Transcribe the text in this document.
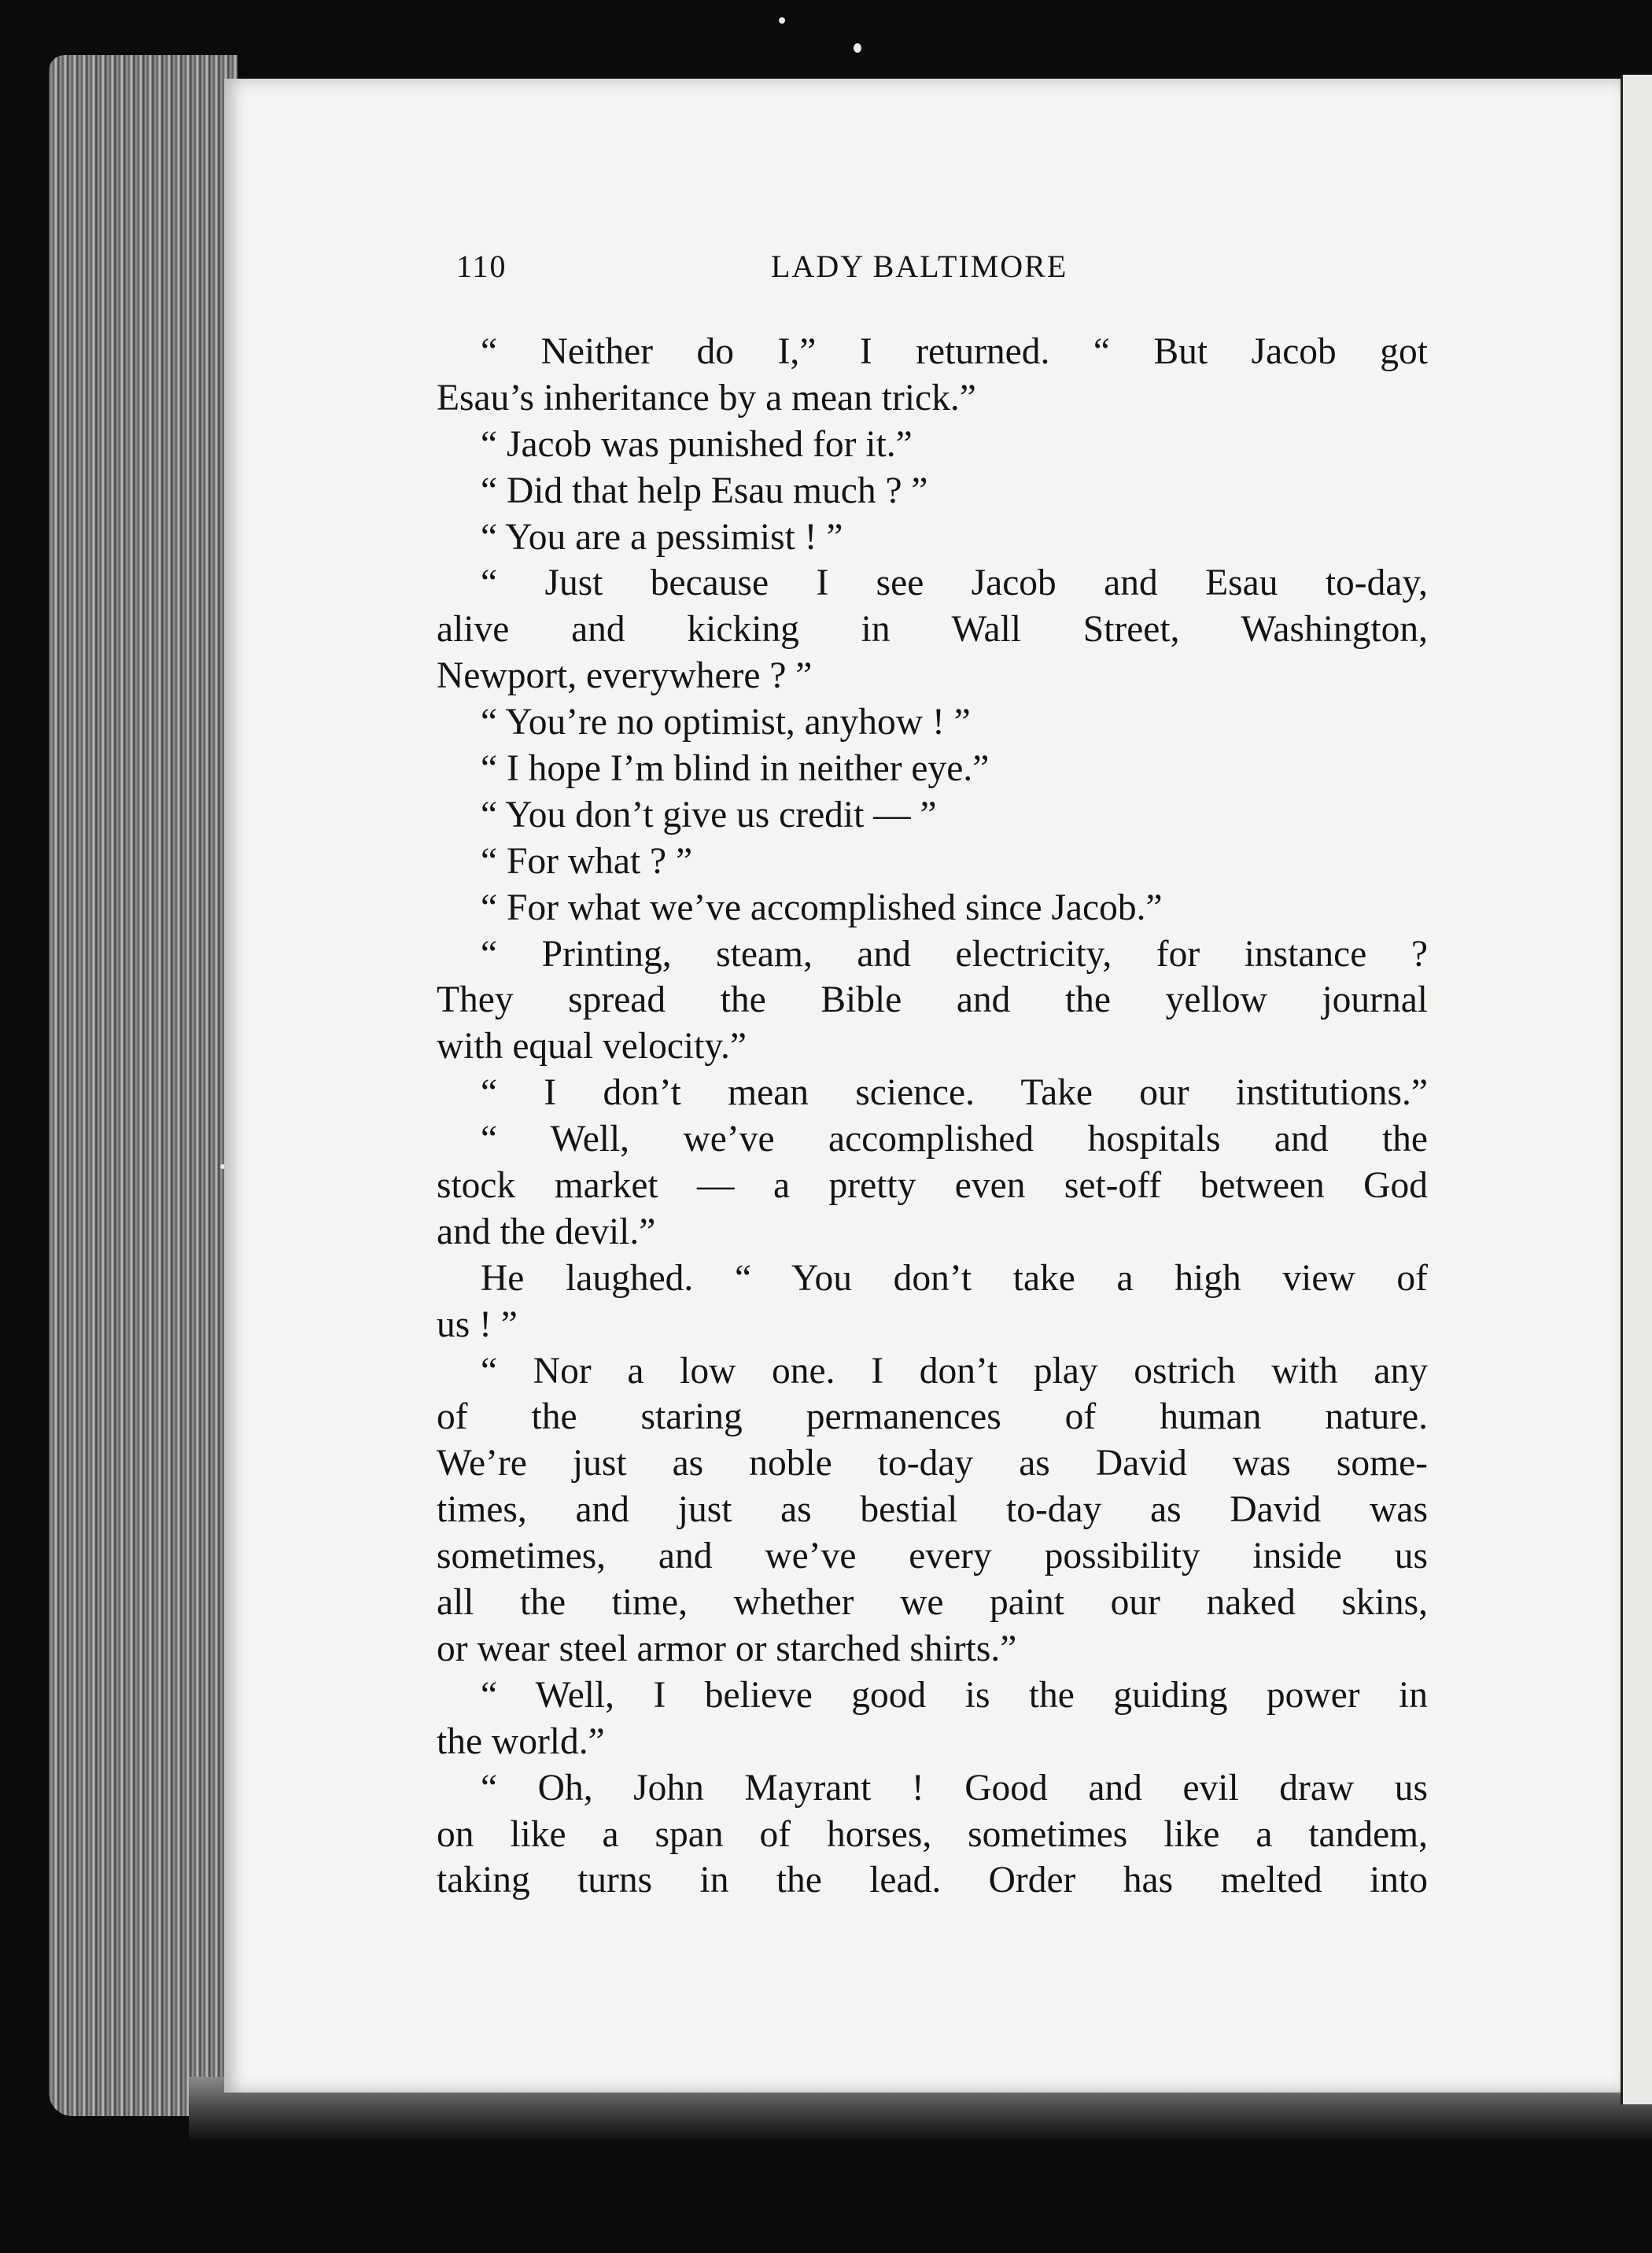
110	LADY BALTIMORE
“ Neither do I,” I returned. “ But Jacob got
Esau’s inheritance by a mean trick.”
“ Jacob was punished for it.”
“ Did that help Esau much ? ”
“ You are a pessimist ! ”
“ Just because I see Jacob and Esau to-day,
alive and kicking in Wall Street, Washington,
Newport, everywhere ? ”
“ You’re no optimist, anyhow ! ”
“ I hope I’m blind in neither eye.”
“ You don’t give us credit — ”
“ For what ? ”
“ For what we’ve accomplished since Jacob.”
“ Printing, steam, and electricity, for instance ?
They spread the Bible and the yellow journal
with equal velocity.”
“ I don’t mean science. Take our institutions.”
“ Well, we’ve accomplished hospitals and the
stock market — a pretty even set-off between God
and the devil.”
He laughed. “ You don’t take a high view of
us ! ”
“ Nor a low one. I don’t play ostrich with any
of the staring permanences of human nature.
We’re just as noble to-day as David was some-
times, and just as bestial to-day as David was
sometimes, and we’ve every possibility inside us
all the time, whether we paint our naked skins,
or wear steel armor or starched shirts.”
“ Well, I believe good is the guiding power in
the world.”
“ Oh, John Mayrant ! Good and evil draw us
on like a span of horses, sometimes like a tandem,
taking turns in the lead. Order has melted into
